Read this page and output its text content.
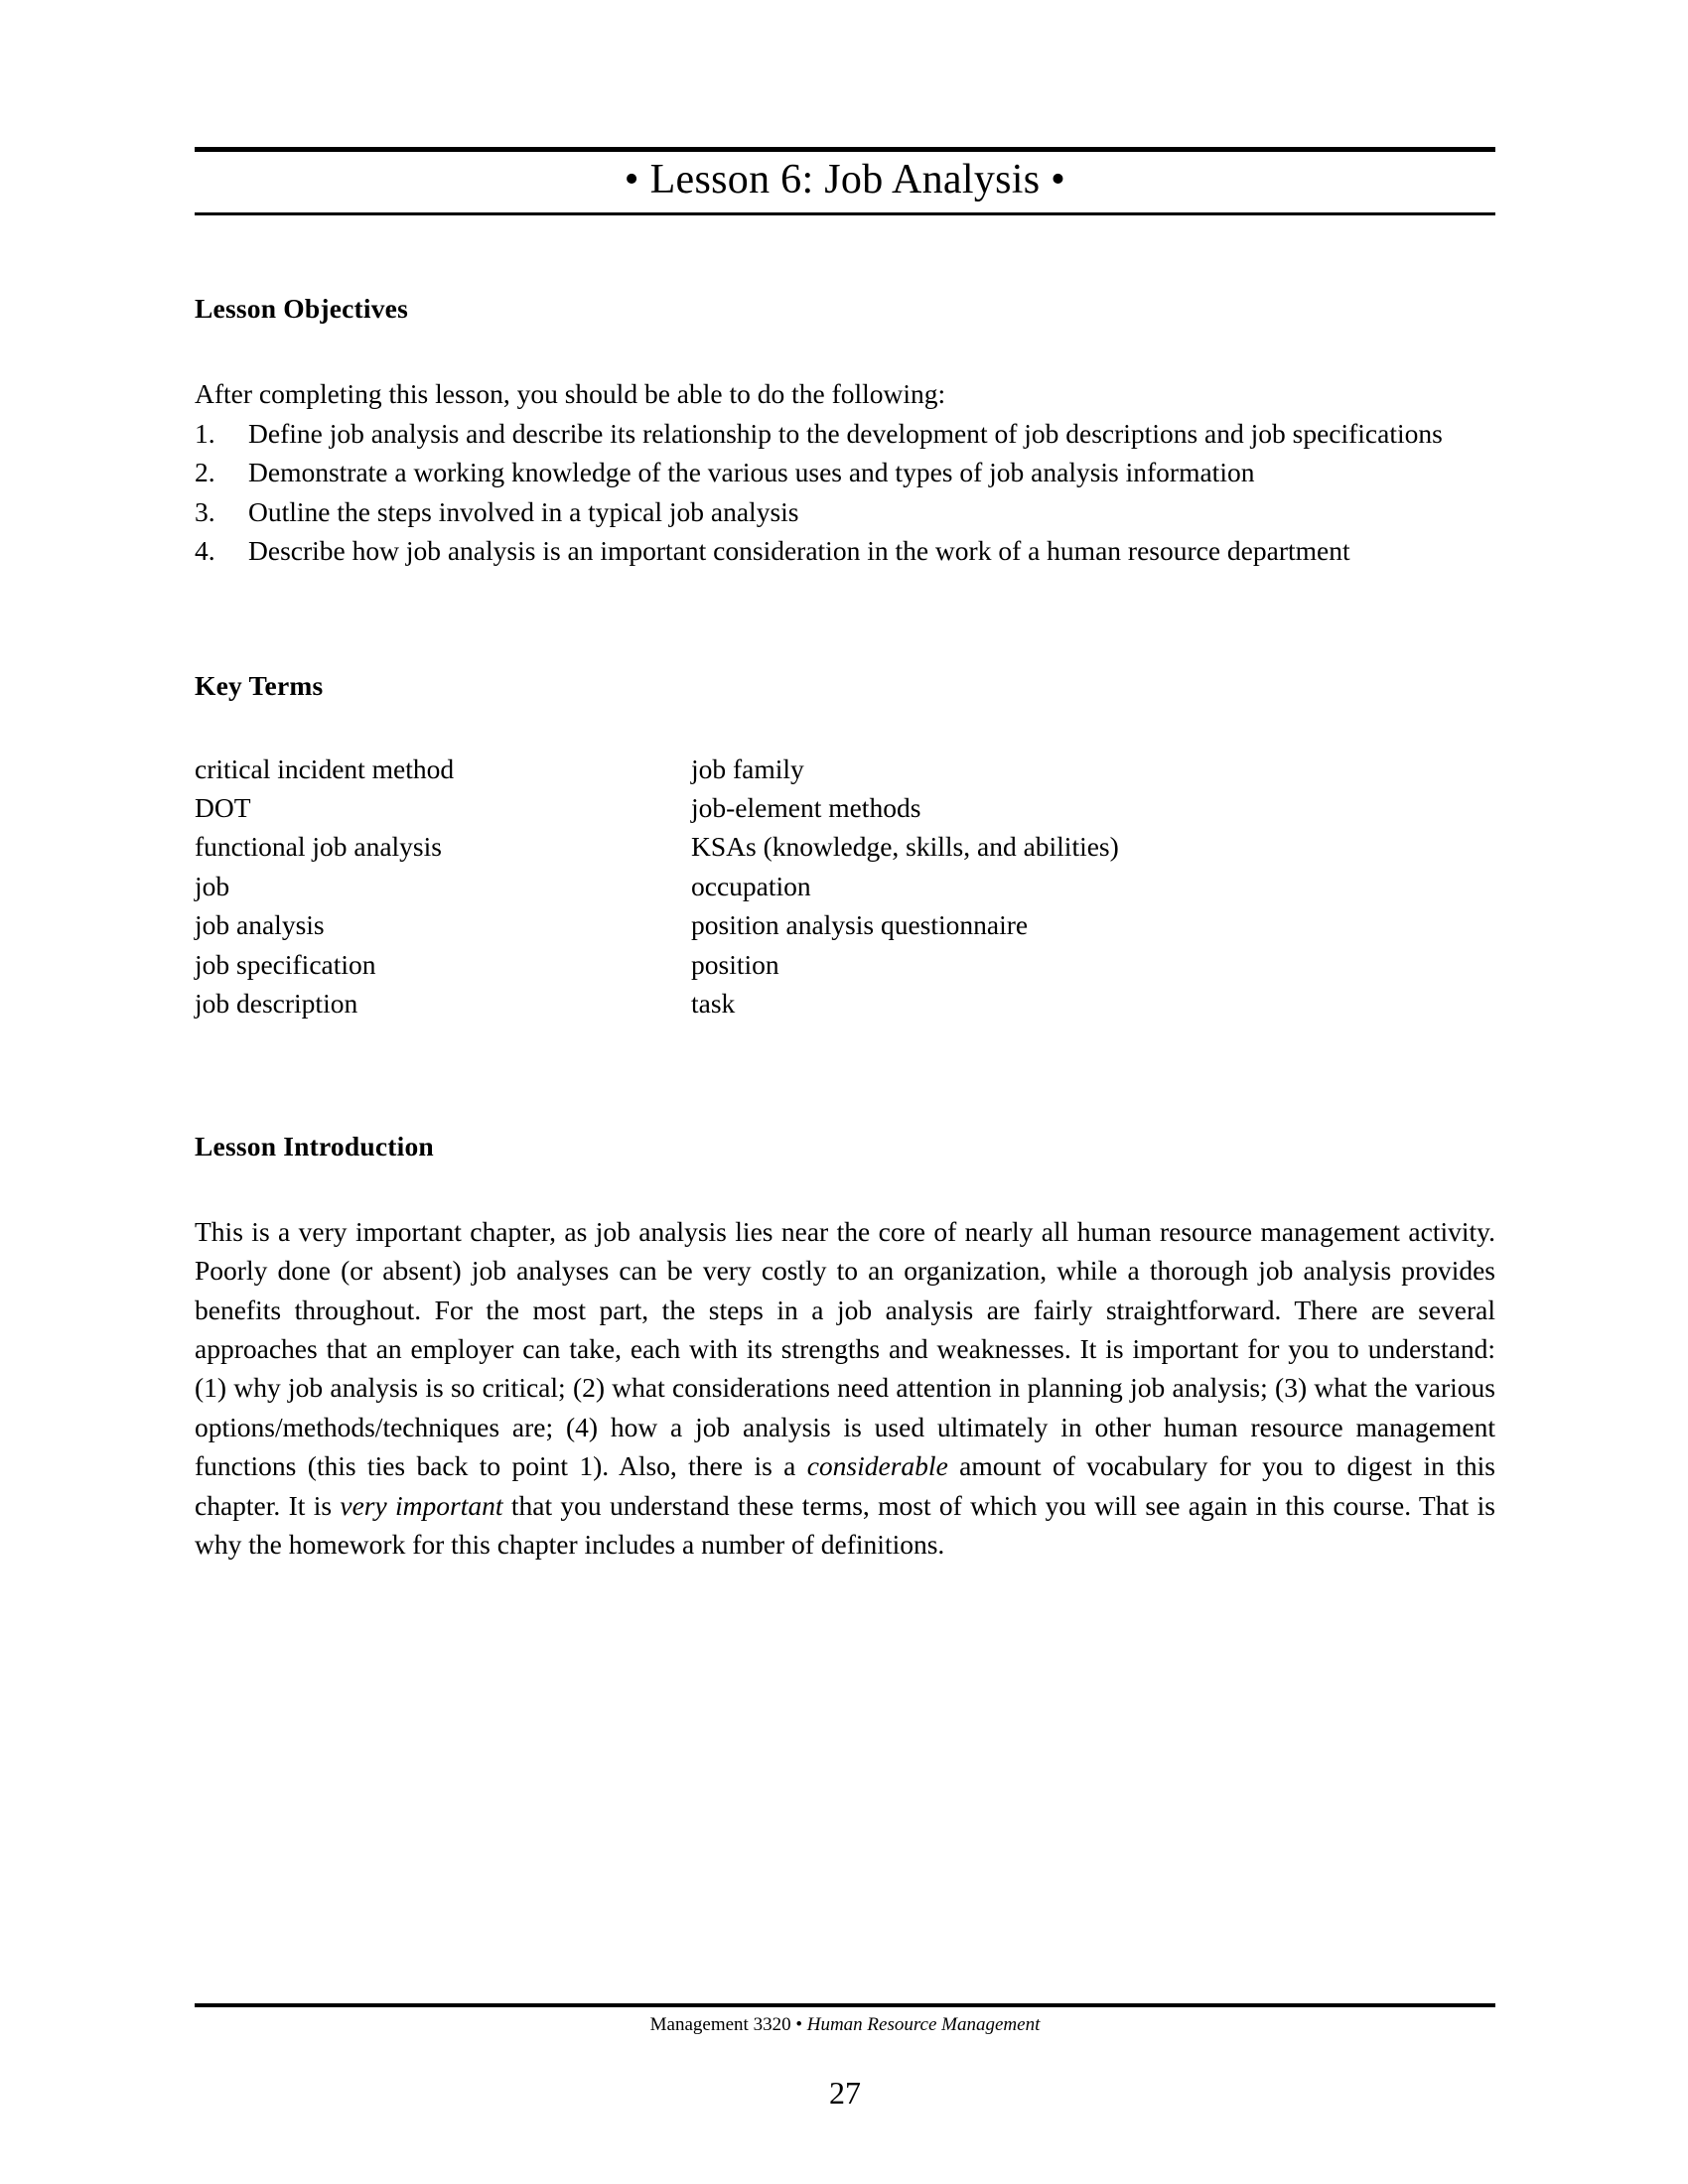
• Lesson 6: Job Analysis •
Lesson Objectives

After completing this lesson, you should be able to do the following:

1.	Define job analysis and describe its relationship to the development of job descriptions and job specifications
2.	Demonstrate a working knowledge of the various uses and types of job analysis information
3.	Outline the steps involved in a typical job analysis
4.	Describe how job analysis is an important consideration in the work of a human resource department
Key Terms
critical incident method	job family
DOT	job-element methods
functional job analysis	KSAs (knowledge, skills, and abilities)
job	occupation
job analysis	position analysis questionnaire
job specification	position
job description	task
Lesson Introduction

This is a very important chapter, as job analysis lies near the core of nearly all human resource management activity. Poorly done (or absent) job analyses can be very costly to an organization, while a thorough job analysis provides benefits throughout. For the most part, the steps in a job analysis are fairly straightforward. There are several approaches that an employer can take, each with its strengths and weaknesses. It is important for you to understand: (1) why job analysis is so critical; (2) what considerations need attention in planning job analysis; (3) what the various options/methods/techniques are; (4) how a job analysis is used ultimately in other human resource management functions (this ties back to point 1). Also, there is a considerable amount of vocabulary for you to digest in this chapter. It is very important that you understand these terms, most of which you will see again in this course. That is why the homework for this chapter includes a number of definitions.

Management 3320 • Human Resource Management

27
